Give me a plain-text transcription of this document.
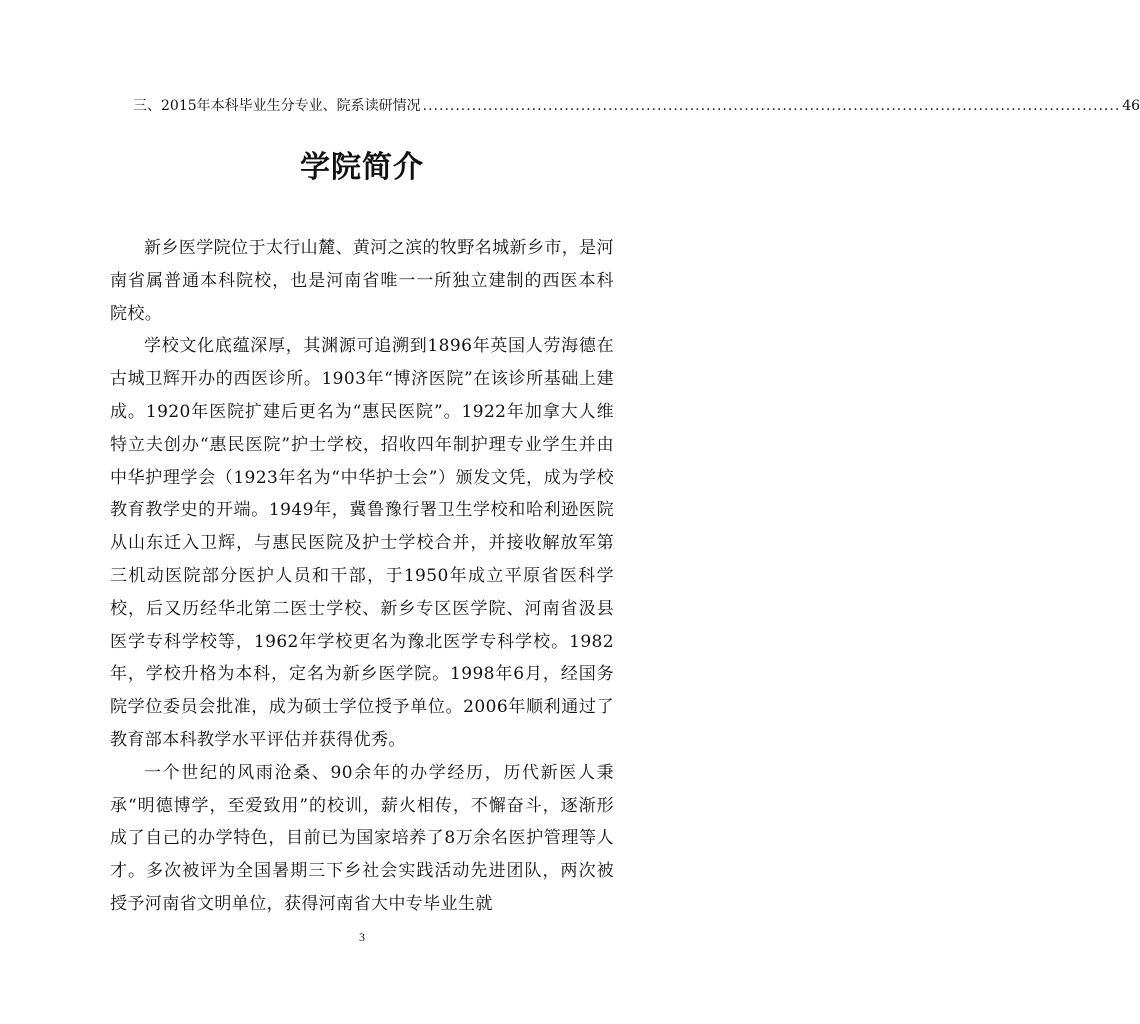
三、2015年本科毕业生分专业、院系读研情况 ................................................................................................................................ 46
学院简介

新乡医学院位于太行山麓、黄河之滨的牧野名城新乡市，是河南省属普通本科院校，也是河南省唯一一所独立建制的西医本科院校。

学校文化底蕴深厚，其渊源可追溯到1896年英国人劳海德在古城卫辉开办的西医诊所。1903年“博济医院”在该诊所基础上建成。1920年医院扩建后更名为“惠民医院”。1922年加拿大人维特立夫创办“惠民医院”护士学校，招收四年制护理专业学生并由中华护理学会（1923年名为“中华护士会”）颁发文凭，成为学校教育教学史的开端。1949年，冀鲁豫行署卫生学校和哈利逊医院从山东迁入卫辉，与惠民医院及护士学校合并，并接收解放军第三机动医院部分医护人员和干部，于1950年成立平原省医科学校，后又历经华北第二医士学校、新乡专区医学院、河南省汲县医学专科学校等，1962年学校更名为豫北医学专科学校。1982年，学校升格为本科，定名为新乡医学院。1998年6月，经国务院学位委员会批准，成为硕士学位授予单位。2006年顺利通过了教育部本科教学水平评估并获得优秀。

一个世纪的风雨沧桑、90余年的办学经历，历代新医人秉承“明德博学，至爱致用”的校训，薪火相传，不懈奋斗，逐渐形成了自己的办学特色，目前已为国家培养了8万余名医护管理等人才。多次被评为全国暑期三下乡社会实践活动先进团队，两次被授予河南省文明单位，获得河南省大中专毕业生就

3
